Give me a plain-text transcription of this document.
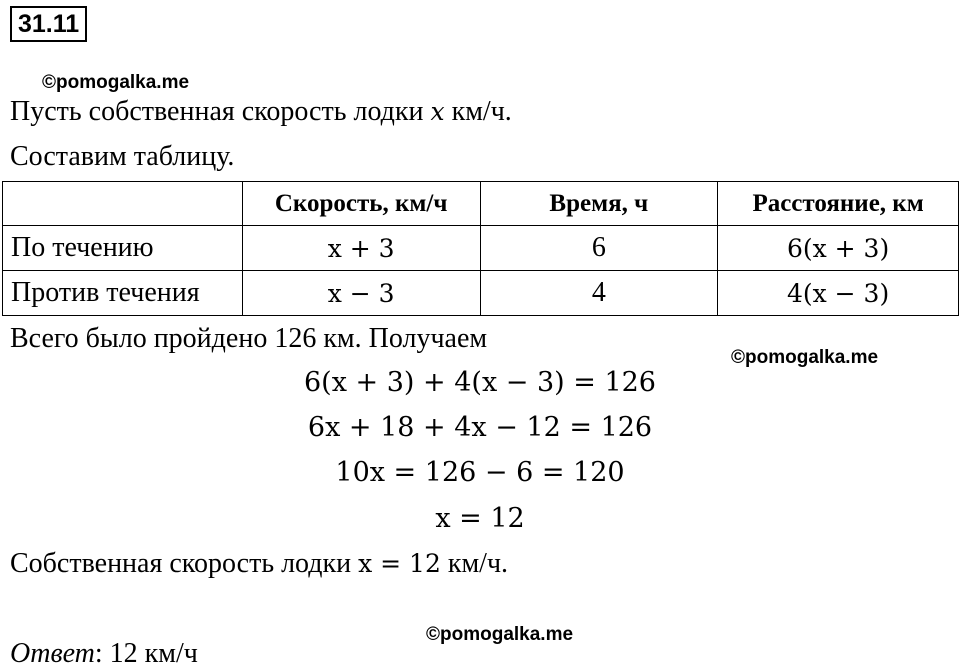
31.11
©pomogalka.me
Пусть собственная скорость лодки x км/ч.
Составим таблицу.
	Скорость, км/ч	Время, ч	Расстояние, км
По течению	x + 3	6	6(x + 3)
Против течения	x − 3	4	4(x − 3)
Всего было пройдено 126 км. Получаем
©pomogalka.me
6(x + 3) + 4(x − 3) = 126
6x + 18 + 4x − 12 = 126
10x = 126 − 6 = 120
x = 12
Собственная скорость лодки x = 12 км/ч.
©pomogalka.me
Ответ: 12 км/ч
